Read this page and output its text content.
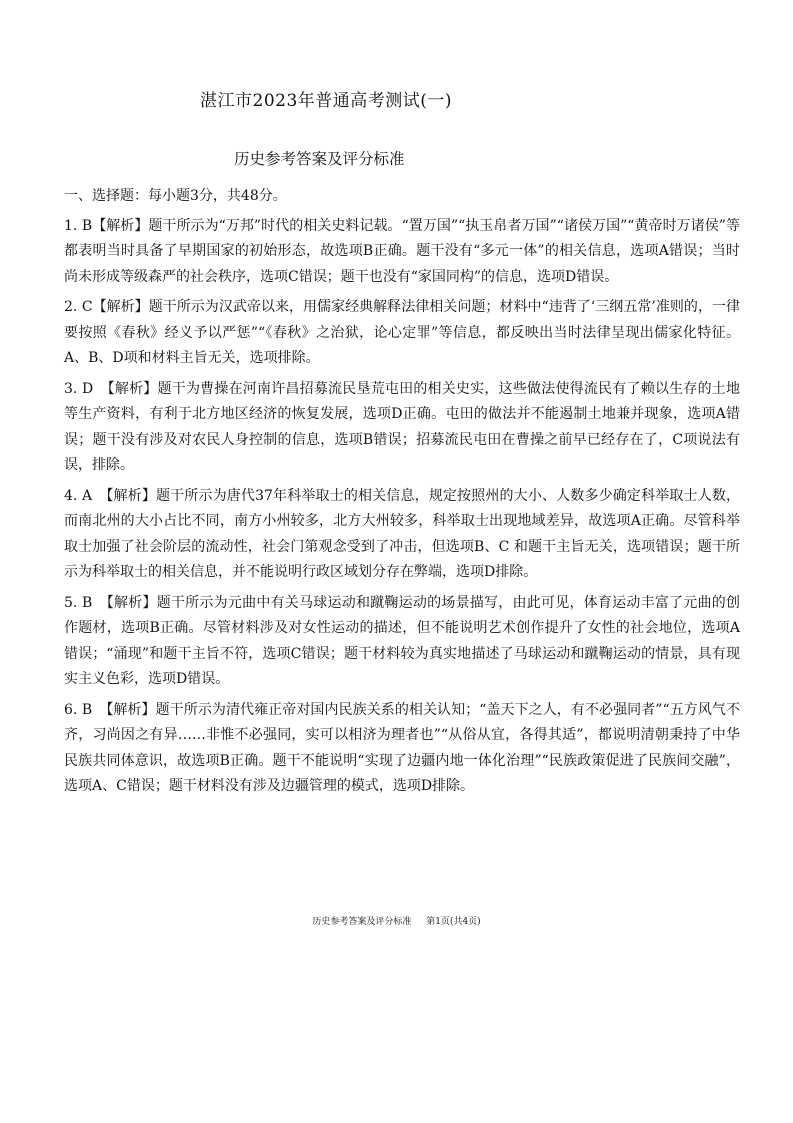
湛江市2023年普通高考测试(一)
历史参考答案及评分标准

一、选择题：每小题3分，共48分。

1. B【解析】题干所示为“万邦”时代的相关史料记载。“置万国”“执玉帛者万国”“诸侯万国”“黄帝时万诸侯”等都表明当时具备了早期国家的初始形态，故选项B正确。题干没有“多元一体”的相关信息，选项A错误；当时尚未形成等级森严的社会秩序，选项C错误；题干也没有“家国同构”的信息，选项D错误。

2. C【解析】题干所示为汉武帝以来，用儒家经典解释法律相关问题；材料中“违背了‘三纲五常’准则的，一律要按照《春秋》经义予以严惩”“《春秋》之治狱，论心定罪”等信息，都反映出当时法律呈现出儒家化特征。A、B、D项和材料主旨无关，选项排除。

3. D　【解析】题干为曹操在河南许昌招募流民垦荒屯田的相关史实，这些做法使得流民有了赖以生存的土地等生产资料，有利于北方地区经济的恢复发展，选项D正确。屯田的做法并不能遏制土地兼并现象，选项A错误；题干没有涉及对农民人身控制的信息，选项B错误；招募流民屯田在曹操之前早已经存在了，C项说法有误，排除。

4. A　【解析】题干所示为唐代37年科举取士的相关信息，规定按照州的大小、人数多少确定科举取士人数，而南北州的大小占比不同，南方小州较多，北方大州较多，科举取士出现地域差异，故选项A正确。尽管科举取士加强了社会阶层的流动性，社会门第观念受到了冲击，但选项B、C 和题干主旨无关，选项错误；题干所示为科举取士的相关信息，并不能说明行政区域划分存在弊端，选项D排除。

5. B　【解析】题干所示为元曲中有关马球运动和蹴鞠运动的场景描写，由此可见，体育运动丰富了元曲的创作题材，选项B正确。尽管材料涉及对女性运动的描述，但不能说明艺术创作提升了女性的社会地位，选项A错误；“涌现”和题干主旨不符，选项C错误；题干材料较为真实地描述了马球运动和蹴鞠运动的情景，具有现实主义色彩，选项D错误。

6. B　【解析】题干所示为清代雍正帝对国内民族关系的相关认知；“盖天下之人，有不必强同者”“五方风气不齐，习尚因之有异……非惟不必强同，实可以相济为理者也”“从俗从宜，各得其适”，都说明清朝秉持了中华民族共同体意识，故选项B正确。题干不能说明“实现了边疆内地一体化治理”“民族政策促进了民族间交融”，选项A、C错误；题干材料没有涉及边疆管理的模式，选项D排除。

历史参考答案及评分标准 第1页(共4页)
